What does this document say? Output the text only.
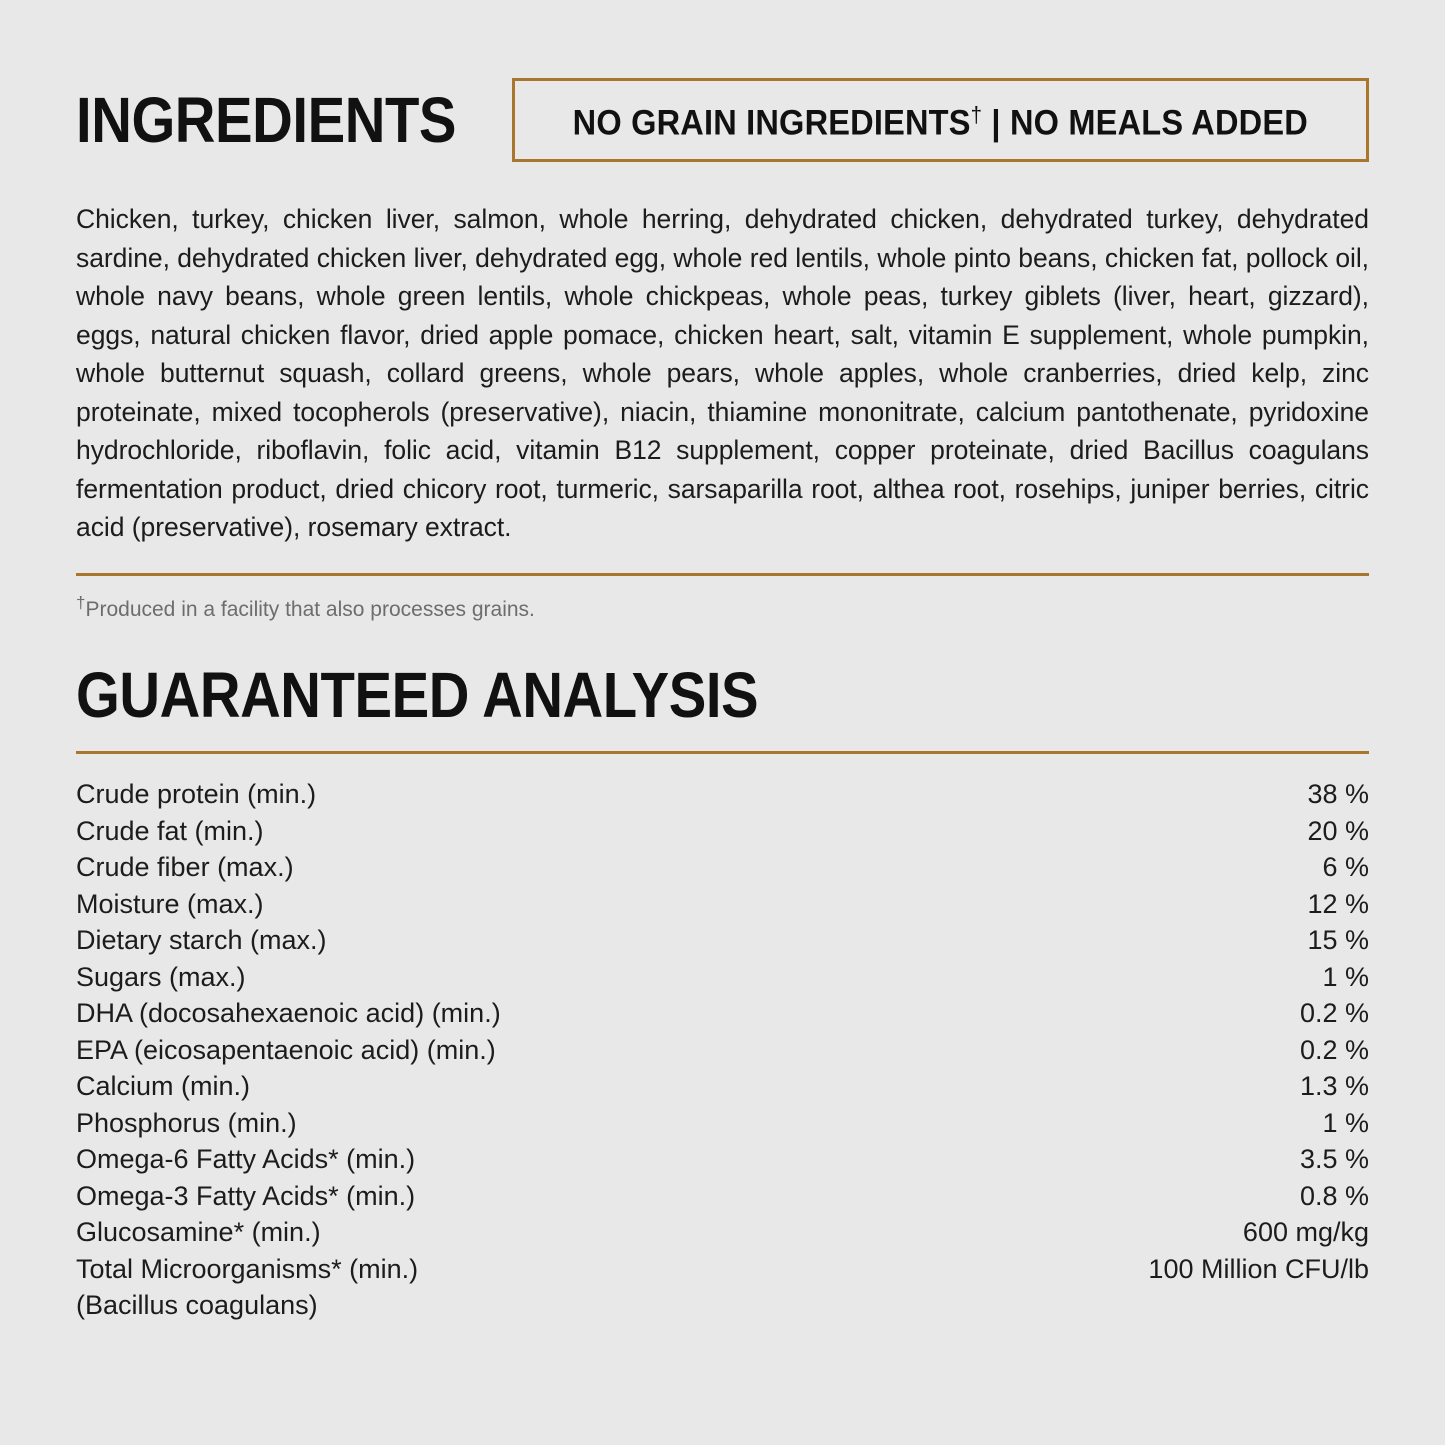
INGREDIENTS	NO GRAIN INGREDIENTS† | NO MEALS ADDED

Chicken, turkey, chicken liver, salmon, whole herring, dehydrated chicken, dehydrated turkey, dehydrated sardine, dehydrated chicken liver, dehydrated egg, whole red lentils, whole pinto beans, chicken fat, pollock oil, whole navy beans, whole green lentils, whole chickpeas, whole peas, turkey giblets (liver, heart, gizzard), eggs, natural chicken flavor, dried apple pomace, chicken heart, salt, vitamin E supplement, whole pumpkin, whole butternut squash, collard greens, whole pears, whole apples, whole cranberries, dried kelp, zinc proteinate, mixed tocopherols (preservative), niacin, thiamine mononitrate, calcium pantothenate, pyridoxine hydrochloride, riboflavin, folic acid, vitamin B12 supplement, copper proteinate, dried Bacillus coagulans fermentation product, dried chicory root, turmeric, sarsaparilla root, althea root, rosehips, juniper berries, citric acid (preservative), rosemary extract.

†Produced in a facility that also processes grains.
GUARANTEED ANALYSIS
Crude protein (min.)	38 %
Crude fat (min.)	20 %
Crude fiber (max.)	6 %
Moisture (max.)	12 %
Dietary starch (max.)	15 %
Sugars (max.)	1 %
DHA (docosahexaenoic acid) (min.)	0.2 %
EPA (eicosapentaenoic acid) (min.)	0.2 %
Calcium (min.)	1.3 %
Phosphorus (min.)	1 %
Omega-6 Fatty Acids* (min.)	3.5 %
Omega-3 Fatty Acids* (min.)	0.8 %
Glucosamine* (min.)	600 mg/kg
Total Microorganisms* (min.)	100 Million CFU/lb
(Bacillus coagulans)	
